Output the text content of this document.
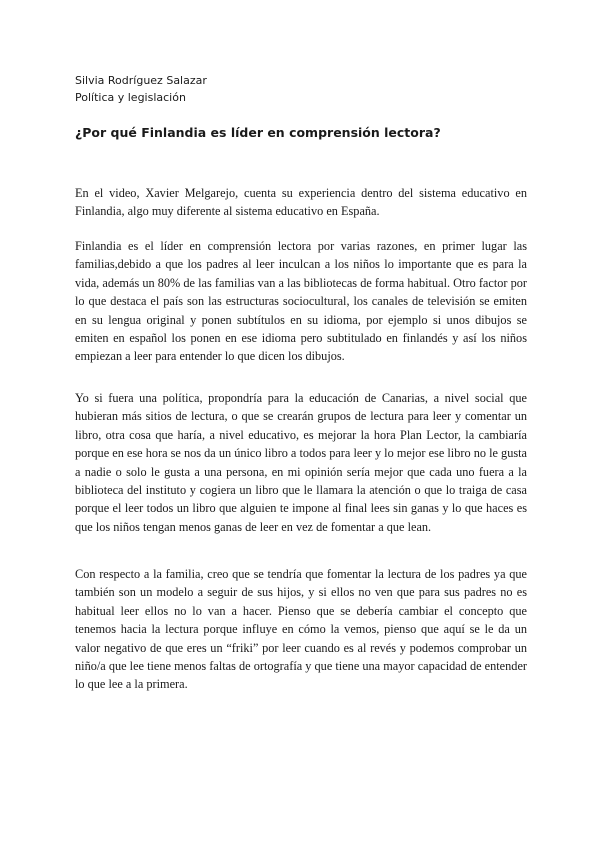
Silvia Rodríguez Salazar
Política y legislación
¿Por qué Finlandia es líder en comprensión lectora?

En el video, Xavier Melgarejo, cuenta su experiencia dentro del sistema educativo en Finlandia, algo muy diferente al sistema educativo en España.

Finlandia es el líder en comprensión lectora por varias razones, en primer lugar las familias,debido a que los padres al leer inculcan a los niños lo importante que es para la vida, además un 80% de las familias van a las bibliotecas de forma habitual. Otro factor por lo que destaca el país son las estructuras sociocultural, los canales de televisión se emiten en su lengua original y ponen subtítulos en su idioma, por ejemplo si unos dibujos se emiten en español los ponen en ese idioma pero subtitulado en finlandés y así los niños empiezan a leer para entender lo que dicen los dibujos.

Yo si fuera una política, propondría para la educación de Canarias, a nivel social que hubieran más sitios de lectura, o que se crearán grupos de lectura para leer y comentar un libro, otra cosa que haría, a nivel educativo, es mejorar la hora Plan Lector, la cambiaría porque en ese hora se nos da un único libro a todos para leer y lo mejor ese libro no le gusta a nadie o solo le gusta a una persona, en mi opinión sería mejor que cada uno fuera a la biblioteca del instituto y cogiera un libro que le llamara la atención o que lo traiga de casa porque el leer todos un libro que alguien te impone al final lees sin ganas y lo que haces es que los niños tengan menos ganas de leer en vez de fomentar a que lean.

Con respecto a la familia, creo que se tendría que fomentar la lectura de los padres ya que también son un modelo a seguir de sus hijos, y si ellos no ven que para sus padres no es habitual leer ellos no lo van a hacer. Pienso que se debería cambiar el concepto que tenemos hacia la lectura porque influye en cómo la vemos, pienso que aquí se le da un valor negativo de que eres un “friki” por leer cuando es al revés y podemos comprobar un niño/a que lee tiene menos faltas de ortografía y que tiene una mayor capacidad de entender lo que lee a la primera.
